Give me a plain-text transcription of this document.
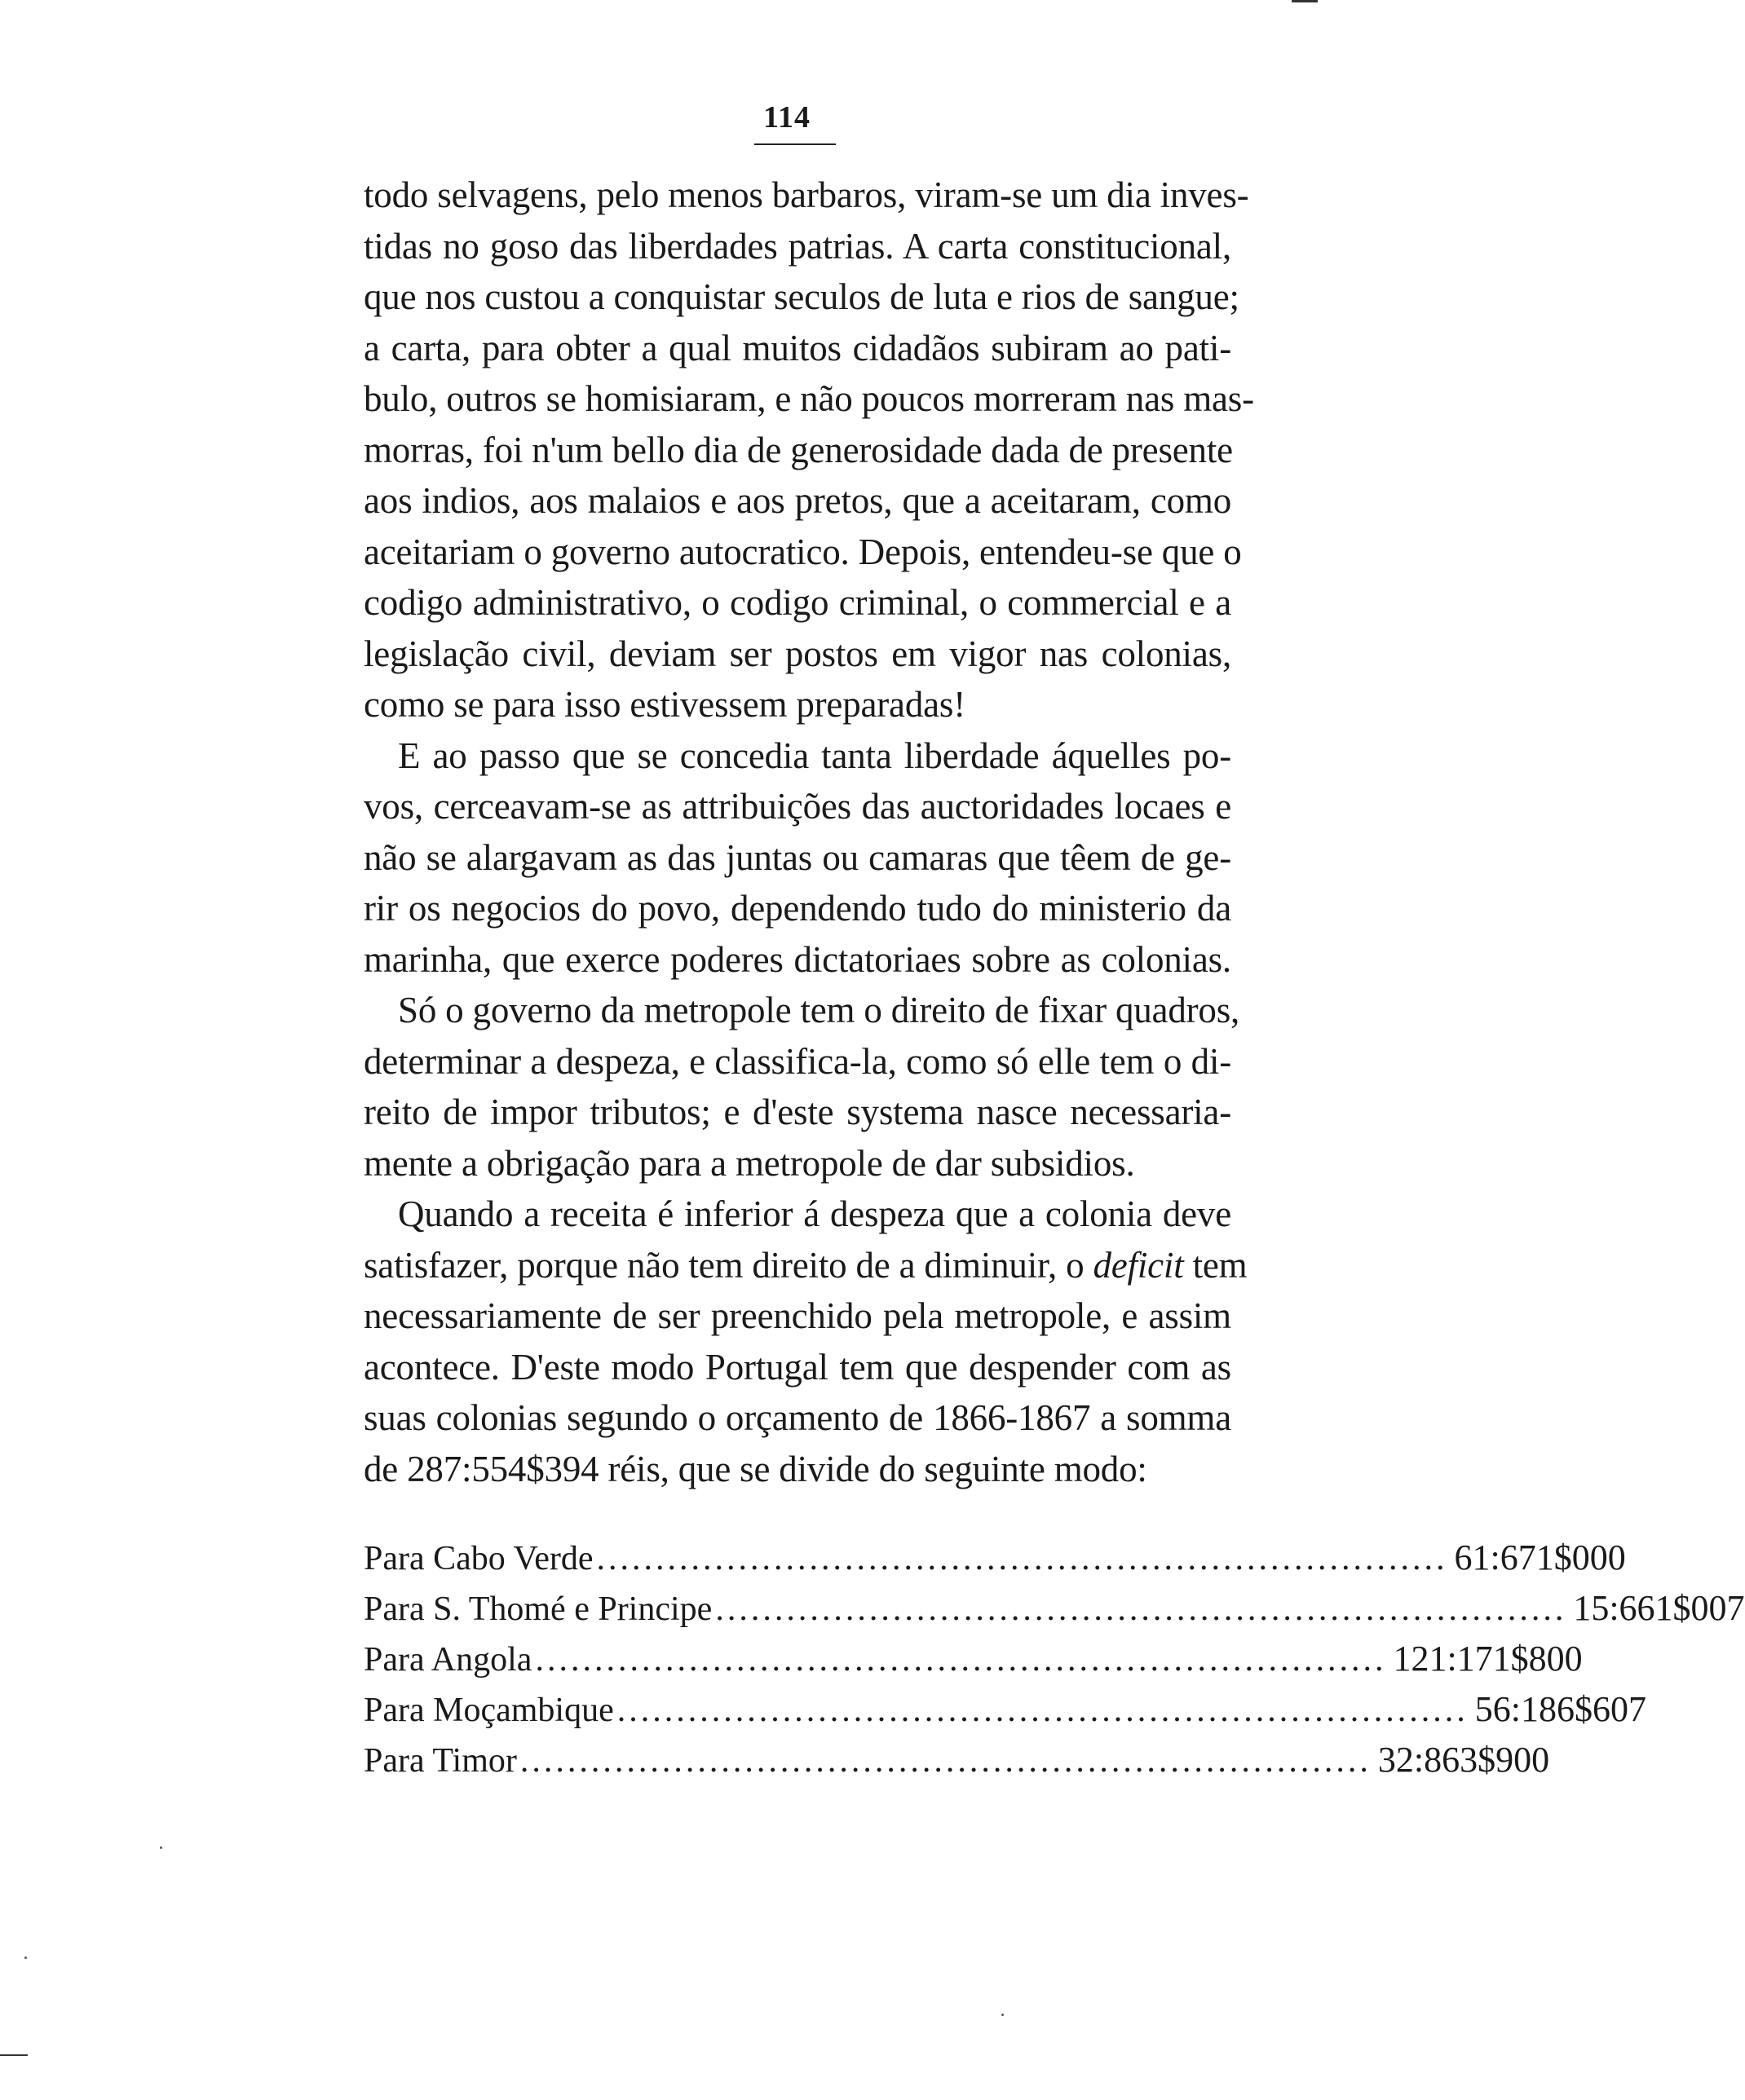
114
todo selvagens, pelo menos barbaros, viram-se um dia inves-
tidas no goso das liberdades patrias. A carta constitucional,
que nos custou a conquistar seculos de luta e rios de sangue;
a carta, para obter a qual muitos cidadãos subiram ao pati-
bulo, outros se homisiaram, e não poucos morreram nas mas-
morras, foi n'um bello dia de generosidade dada de presente
aos indios, aos malaios e aos pretos, que a aceitaram, como
aceitariam o governo autocratico. Depois, entendeu-se que o
codigo administrativo, o codigo criminal, o commercial e a
legislação civil, deviam ser postos em vigor nas colonias,
como se para isso estivessem preparadas!
E ao passo que se concedia tanta liberdade áquelles po-
vos, cerceavam-se as attribuições das auctoridades locaes e
não se alargavam as das juntas ou camaras que têem de ge-
rir os negocios do povo, dependendo tudo do ministerio da
marinha, que exerce poderes dictatoriaes sobre as colonias.
Só o governo da metropole tem o direito de fixar quadros,
determinar a despeza, e classifica-la, como só elle tem o di-
reito de impor tributos; e d'este systema nasce necessaria-
mente a obrigação para a metropole de dar subsidios.
Quando a receita é inferior á despeza que a colonia deve
satisfazer, porque não tem direito de a diminuir, o deficit tem
necessariamente de ser preenchido pela metropole, e assim
acontece. D'este modo Portugal tem que despender com as
suas colonias segundo o orçamento de 1866-1867 a somma
de 287:554$394 réis, que se divide do seguinte modo:
Para Cabo Verde ........................................................................ 61:671$000
Para S. Thomé e Principe ........................................................................ 15:661$007
Para Angola ........................................................................ 121:171$800
Para Moçambique ........................................................................ 56:186$607
Para Timor ........................................................................ 32:863$900
